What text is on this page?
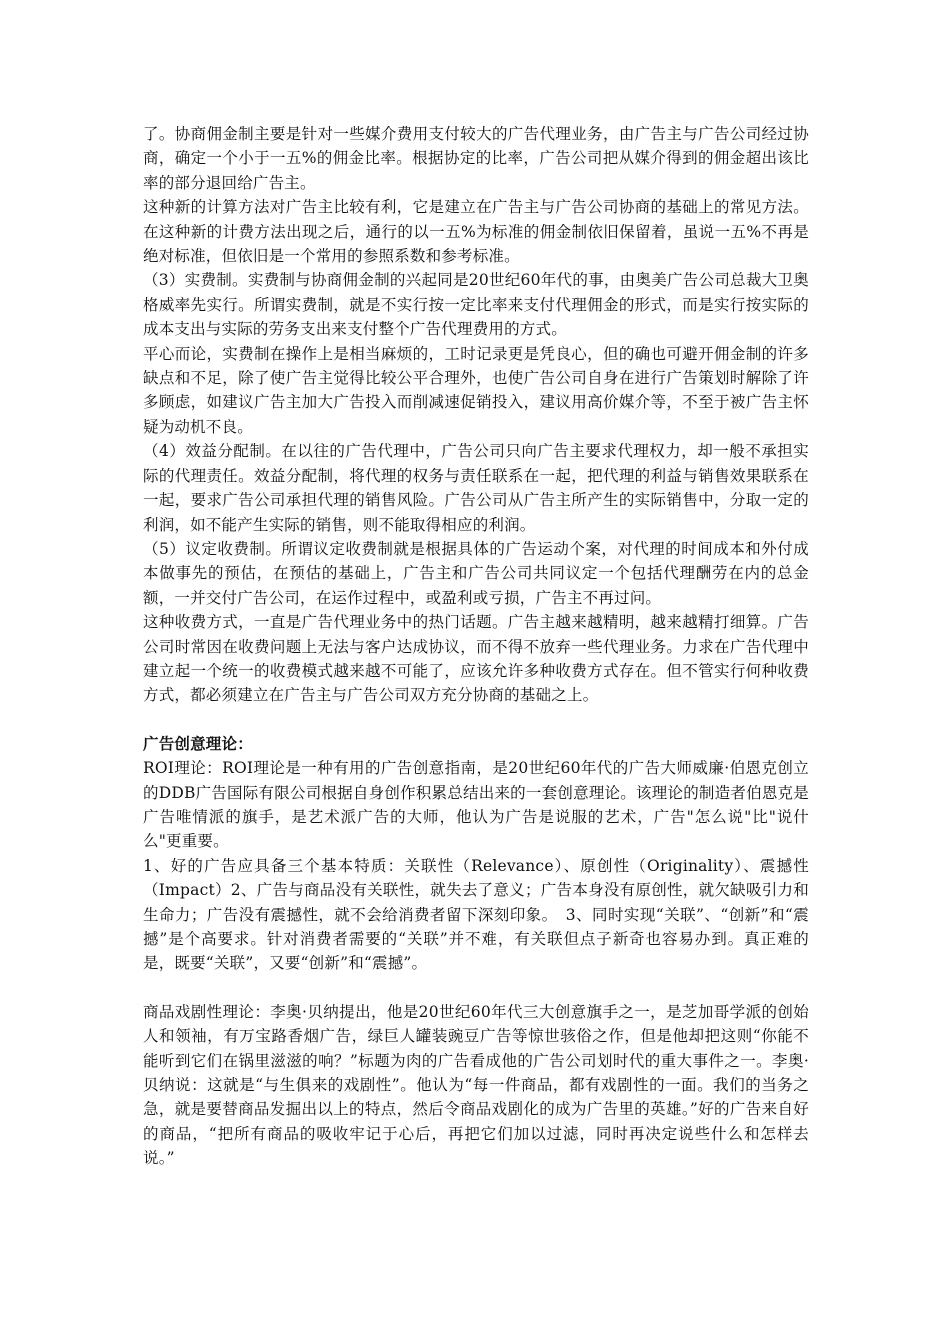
了。协商佣金制主要是针对一些媒介费用支付较大的广告代理业务，由广告主与广告公司经过协商，确定一个小于一五%的佣金比率。根据协定的比率，广告公司把从媒介得到的佣金超出该比率的部分退回给广告主。

这种新的计算方法对广告主比较有利，它是建立在广告主与广告公司协商的基础上的常见方法。在这种新的计费方法出现之后，通行的以一五%为标准的佣金制依旧保留着，虽说一五%不再是绝对标准，但依旧是一个常用的参照系数和参考标准。

（3）实费制。实费制与协商佣金制的兴起同是20世纪60年代的事，由奥美广告公司总裁大卫奥格威率先实行。所谓实费制，就是不实行按一定比率来支付代理佣金的形式，而是实行按实际的成本支出与实际的劳务支出来支付整个广告代理费用的方式。

平心而论，实费制在操作上是相当麻烦的，工时记录更是凭良心，但的确也可避开佣金制的许多缺点和不足，除了使广告主觉得比较公平合理外，也使广告公司自身在进行广告策划时解除了许多顾虑，如建议广告主加大广告投入而削减速促销投入，建议用高价媒介等，不至于被广告主怀疑为动机不良。

（4）效益分配制。在以往的广告代理中，广告公司只向广告主要求代理权力，却一般不承担实际的代理责任。效益分配制，将代理的权务与责任联系在一起，把代理的利益与销售效果联系在一起，要求广告公司承担代理的销售风险。广告公司从广告主所产生的实际销售中，分取一定的利润，如不能产生实际的销售，则不能取得相应的利润。

（5）议定收费制。所谓议定收费制就是根据具体的广告运动个案，对代理的时间成本和外付成本做事先的预估，在预估的基础上，广告主和广告公司共同议定一个包括代理酬劳在内的总金额，一并交付广告公司，在运作过程中，或盈利或亏损，广告主不再过问。

这种收费方式，一直是广告代理业务中的热门话题。广告主越来越精明，越来越精打细算。广告公司时常因在收费问题上无法与客户达成协议，而不得不放弃一些代理业务。力求在广告代理中建立起一个统一的收费模式越来越不可能了，应该允许多种收费方式存在。但不管实行何种收费方式，都必须建立在广告主与广告公司双方充分协商的基础之上。

广告创意理论：

ROI理论：ROI理论是一种有用的广告创意指南，是20世纪60年代的广告大师威廉·伯恩克创立的DDB广告国际有限公司根据自身创作积累总结出来的一套创意理论。该理论的制造者伯恩克是广告唯情派的旗手，是艺术派广告的大师，他认为广告是说服的艺术，广告"怎么说"比"说什么"更重要。

1、好的广告应具备三个基本特质：关联性（Relevance）、原创性（Originality）、震撼性（Impact）2、广告与商品没有关联性，就失去了意义；广告本身没有原创性，就欠缺吸引力和生命力；广告没有震撼性，就不会给消费者留下深刻印象。　3、同时实现“关联”、“创新”和“震撼”是个高要求。针对消费者需要的“关联”并不难，有关联但点子新奇也容易办到。真正难的是，既要“关联”，又要“创新”和“震撼”。

商品戏剧性理论：李奥·贝纳提出，他是20世纪60年代三大创意旗手之一，是芝加哥学派的创始人和领袖，有万宝路香烟广告，绿巨人罐装豌豆广告等惊世骇俗之作，但是他却把这则“你能不能听到它们在锅里滋滋的响？”标题为肉的广告看成他的广告公司划时代的重大事件之一。李奥·贝纳说：这就是“与生俱来的戏剧性”。他认为“每一件商品，都有戏剧性的一面。我们的当务之急，就是要替商品发掘出以上的特点，然后令商品戏剧化的成为广告里的英雄。”好的广告来自好的商品，“把所有商品的吸收牢记于心后，再把它们加以过滤，同时再决定说些什么和怎样去说。”
